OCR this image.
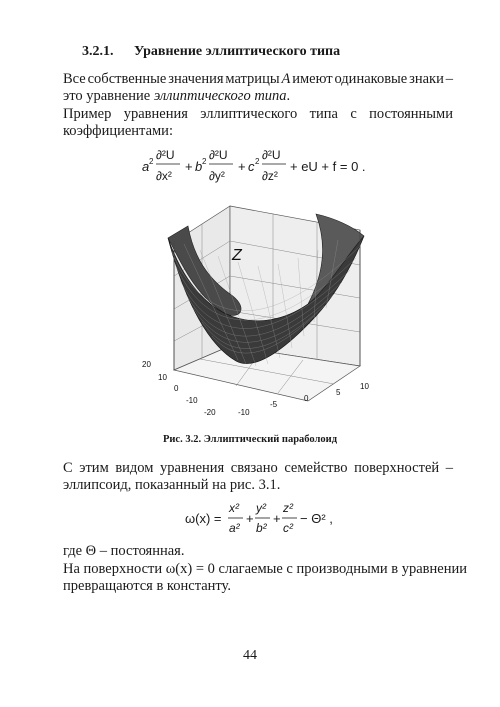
3.2.1. Уравнение эллиптического типа
Все собственные значения матрицы A имеют одинаковые знаки –
это уравнение эллиптического типа.
Пример уравнения эллиптического типа с постоянными
коэффициентами:
a 2 ∂²U
∂x²
+ b 2 ∂²U
∂y²
+ c 2 ∂²U
∂z²
+ eU + f = 0 .
Z
20
10
0
-10
-20	-10
-5
0
5
10
Рис. 3.2. Эллиптический параболоид
С этим видом уравнения связано семейство поверхностей –
эллипсоид, показанный на рис. 3.1.
ω(x) =
x²
a²
+
y²
b²
+
z²
c²
− Θ² ,
где Θ – постоянная.
На поверхности ω(x) = 0 слагаемые с производными в уравнении
превращаются в константу.
44
